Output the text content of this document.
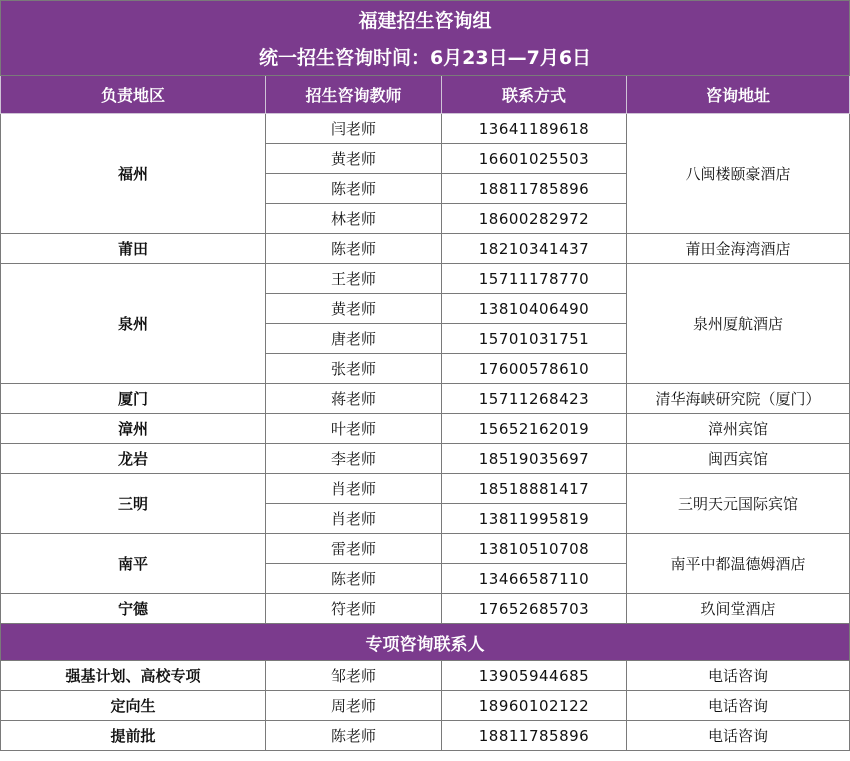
福建招生咨询组			
统一招生咨询时间：6月23日—7月6日			
负责地区	招生咨询教师	联系方式	咨询地址
福州	闫老师	13641189618	八闽楼颐豪酒店
	黄老师	16601025503	
	陈老师	18811785896	
	林老师	18600282972	
莆田	陈老师	18210341437	莆田金海湾酒店
泉州	王老师	15711178770	泉州厦航酒店
	黄老师	13810406490	
	唐老师	15701031751	
	张老师	17600578610	
厦门	蒋老师	15711268423	清华海峡研究院（厦门）
漳州	叶老师	15652162019	漳州宾馆
龙岩	李老师	18519035697	闽西宾馆
三明	肖老师	18518881417	三明天元国际宾馆
	肖老师	13811995819	
南平	雷老师	13810510708	南平中都温德姆酒店
	陈老师	13466587110	
宁德	符老师	17652685703	玖间堂酒店
专项咨询联系人			
强基计划、高校专项	邹老师	13905944685	电话咨询
定向生	周老师	18960102122	电话咨询
提前批	陈老师	18811785896	电话咨询
